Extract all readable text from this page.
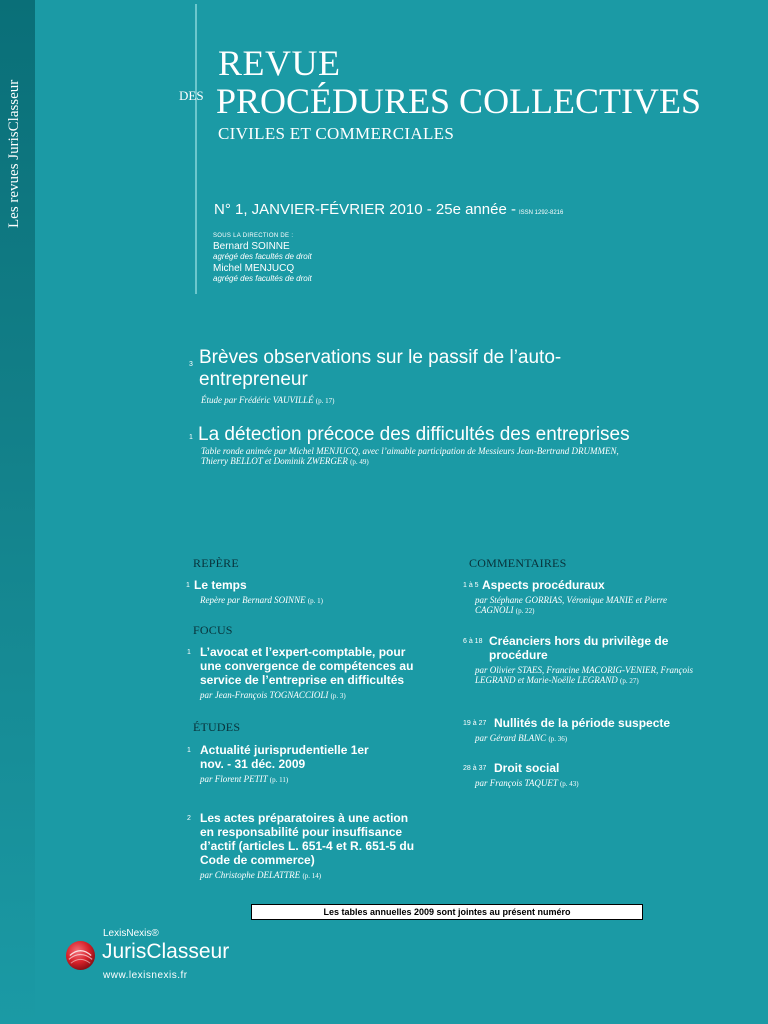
Les revues JurisClasseur
REVUE
DES PROCÉDURES COLLECTIVES
CIVILES ET COMMERCIALES
N° 1, JANVIER-FÉVRIER 2010 - 25e année - ISSN 1292-8216
SOUS LA DIRECTION DE :
Bernard SOINNE
agrégé des facultés de droit
Michel MENJUCQ
agrégé des facultés de droit
3 Brèves observations sur le passif de l’auto-entrepreneur
Étude par Frédéric VAUVILLÉ (p. 17)
1 La détection précoce des difficultés des entreprises
Table ronde animée par Michel MENJUCQ, avec l’aimable participation de Messieurs Jean-Bertrand DRUMMEN, Thierry BELLOT et Dominik ZWERGER (p. 49)
REPÈRE
1 Le temps
Repère par Bernard SOINNE (p. 1)
FOCUS
1 L’avocat et l’expert-comptable, pour une convergence de compétences au service de l’entreprise en difficultés
par Jean-François TOGNACCIOLI (p. 3)
ÉTUDES
1 Actualité jurisprudentielle 1er nov. - 31 déc. 2009
par Florent PETIT (p. 11)
2 Les actes préparatoires à une action en responsabilité pour insuffisance d’actif (articles L. 651-4 et R. 651-5 du Code de commerce)
par Christophe DELATTRE (p. 14)
COMMENTAIRES
1 à 5 Aspects procéduraux
par Stéphane GORRIAS, Véronique MANIE et Pierre CAGNOLI (p. 22)
6 à 18 Créanciers hors du privilège de procédure
par Olivier STAES, Francine MACORIG-VENIER, François LEGRAND et Marie-Noëlle LEGRAND (p. 27)
19 à 27 Nullités de la période suspecte
par Gérard BLANC (p. 36)
28 à 37 Droit social
par François TAQUET (p. 43)
Les tables annuelles 2009 sont jointes au présent numéro
LexisNexis®
JurisClasseur
www.lexisnexis.fr
